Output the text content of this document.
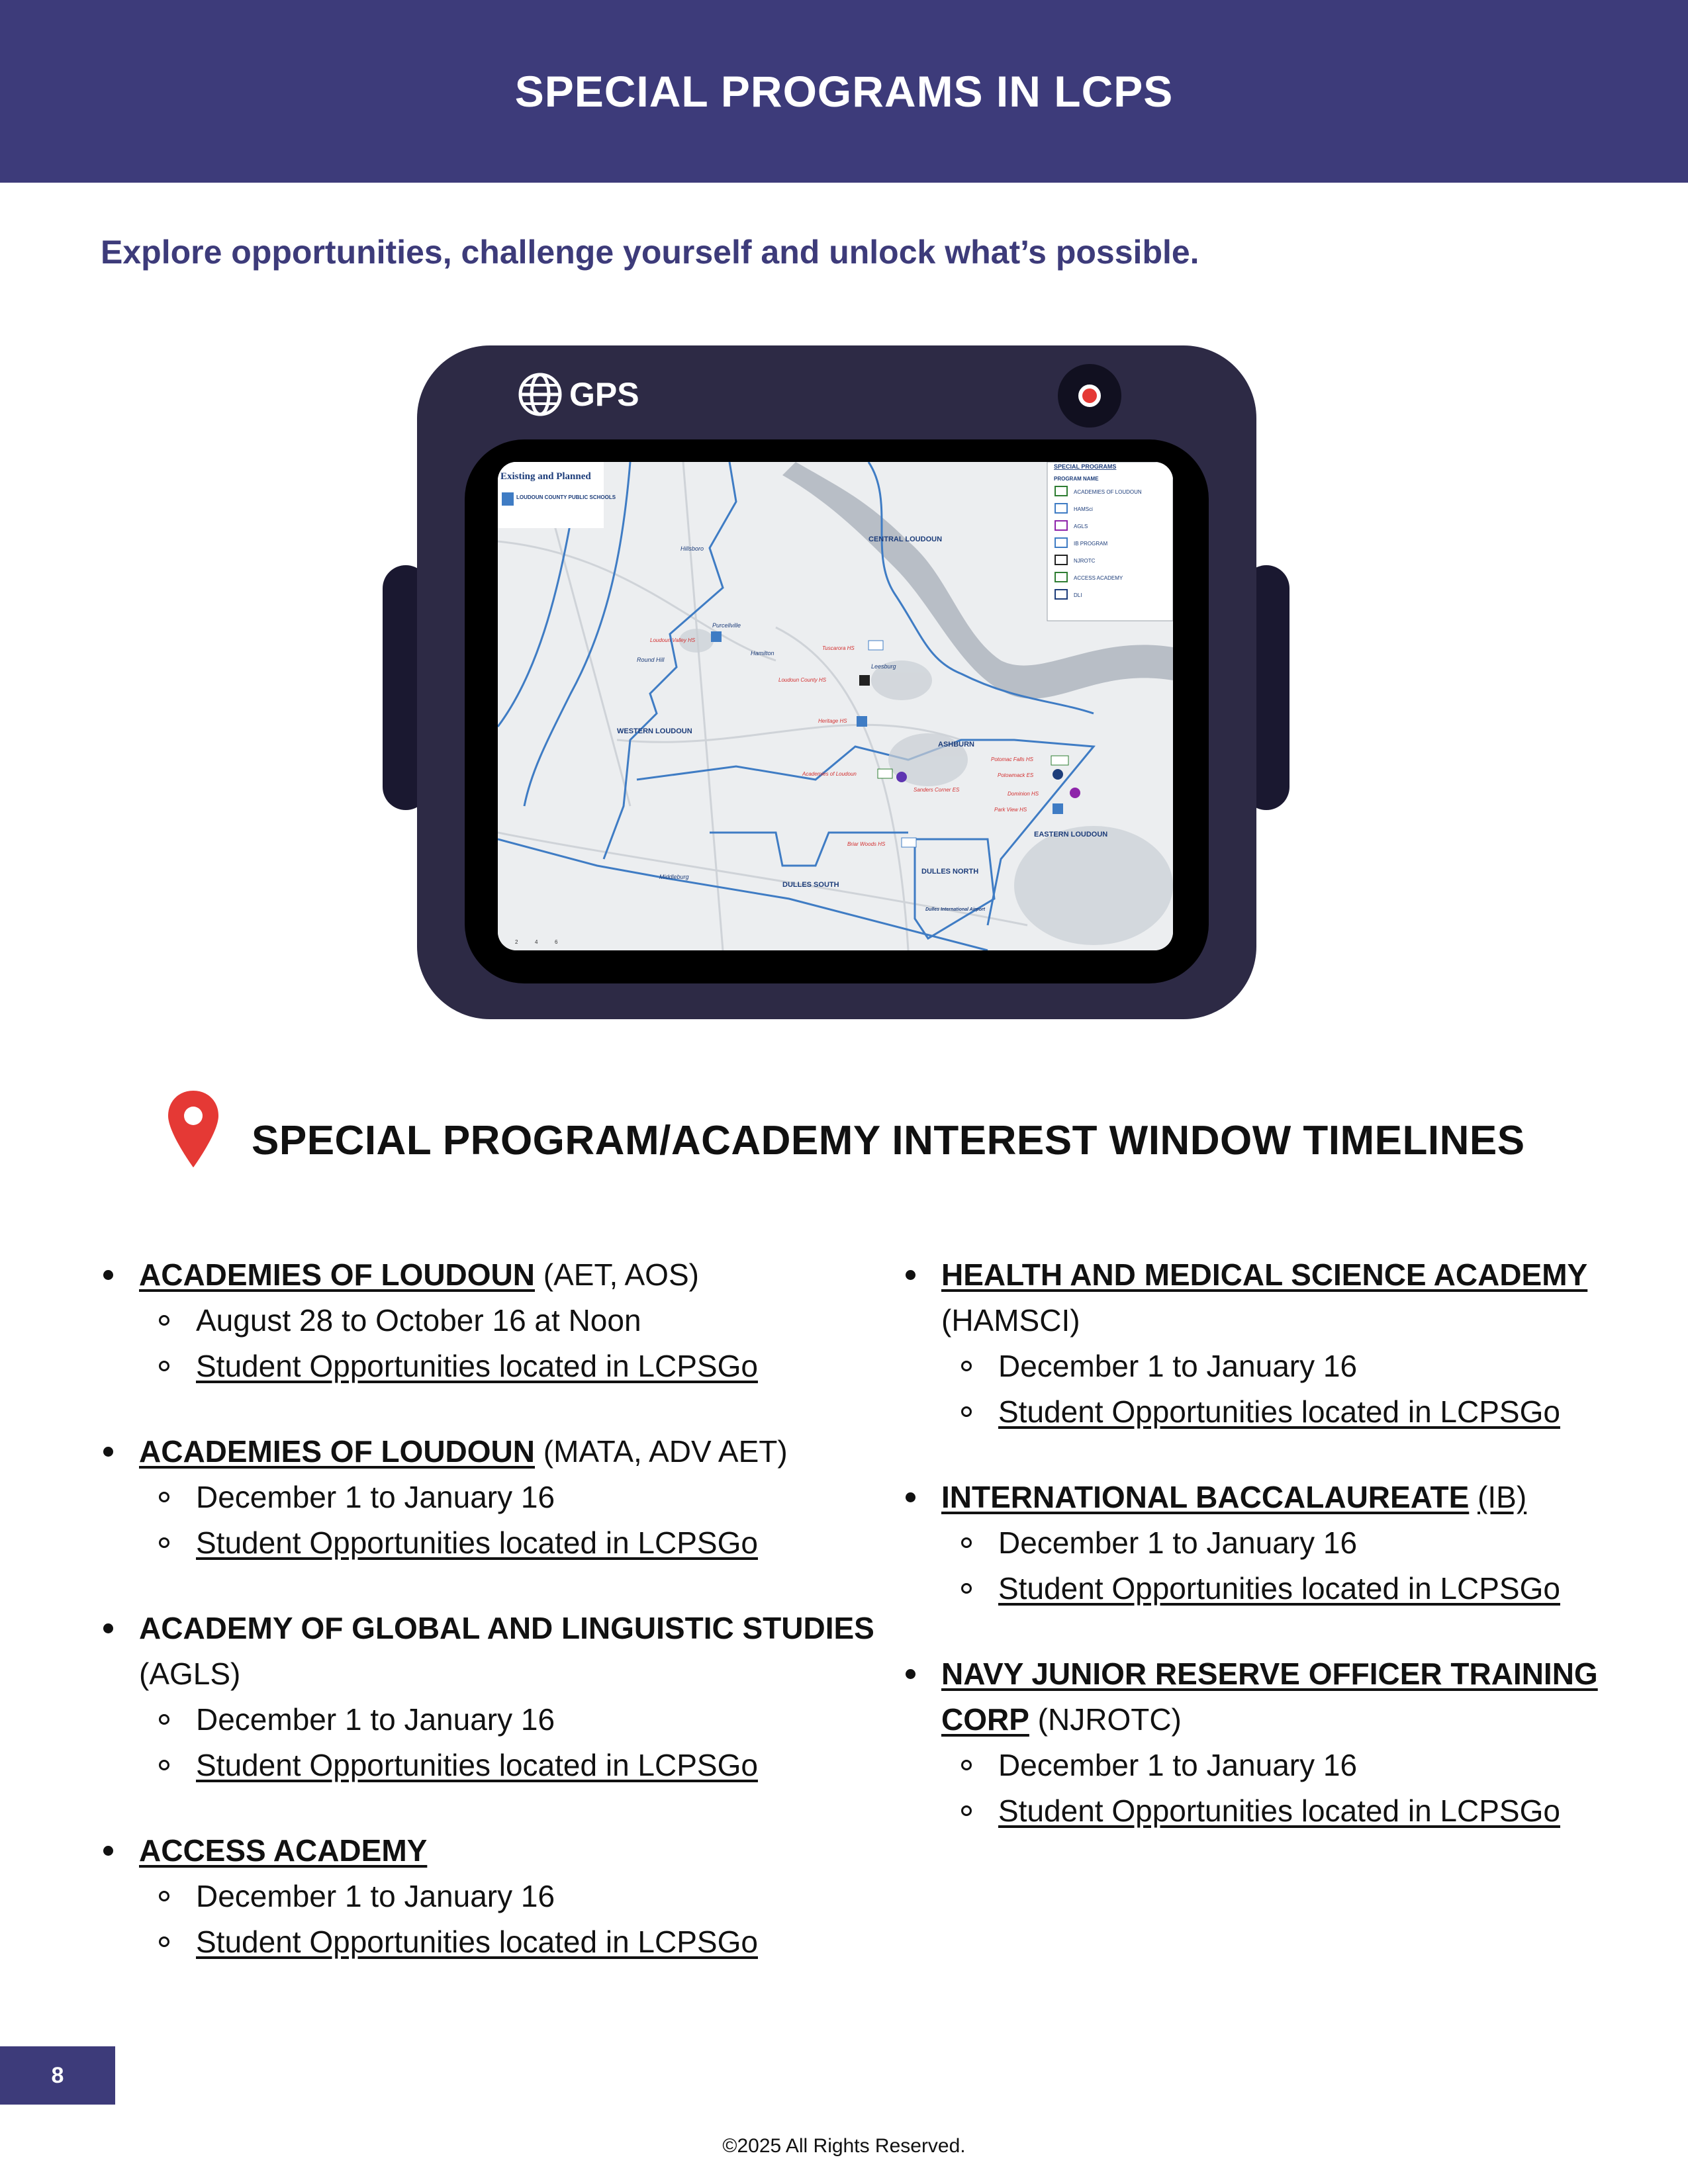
SPECIAL PROGRAMS IN LCPS
Explore opportunities, challenge yourself and unlock what’s possible.
GPS
Existing and Planned
LOUDOUN COUNTY PUBLIC SCHOOLS
SPECIAL PROGRAMS
PROGRAM NAME
ACADEMIES OF LOUDOUN
HAMSci
AGLS
IB PROGRAM
NJROTC
ACCESS ACADEMY
DLI
CENTRAL LOUDOUN
WESTERN LOUDOUN
ASHBURN
EASTERN LOUDOUN
DULLES SOUTH
DULLES NORTH
Hillsboro
Purcellville
Round Hill
Hamilton
Leesburg
Middleburg
Loudoun Valley HS
Tuscarora HS
Loudoun County HS
Heritage HS
Academies of Loudoun
Sanders Corner ES
Potomac Falls HS
Potowmack ES
Dominion HS
Park View HS
Briar Woods HS
Dulles International Airport
2	4	6
SPECIAL PROGRAM/ACADEMY INTEREST WINDOW TIMELINES
ACADEMIES OF LOUDOUN (AET, AOS)
August 28 to October 16 at Noon
Student Opportunities located in LCPSGo
ACADEMIES OF LOUDOUN (MATA, ADV AET)
December 1 to January 16
Student Opportunities located in LCPSGo
ACADEMY OF GLOBAL AND LINGUISTIC STUDIES
(AGLS)
December 1 to January 16
Student Opportunities located in LCPSGo
ACCESS ACADEMY
December 1 to January 16
Student Opportunities located in LCPSGo
HEALTH AND MEDICAL SCIENCE ACADEMY
(HAMSCI)
December 1 to January 16
Student Opportunities located in LCPSGo
INTERNATIONAL BACCALAUREATE (IB)
December 1 to January 16
Student Opportunities located in LCPSGo
NAVY JUNIOR RESERVE OFFICER TRAINING CORP (NJROTC)
December 1 to January 16
Student Opportunities located in LCPSGo
8
©2025 All Rights Reserved.
